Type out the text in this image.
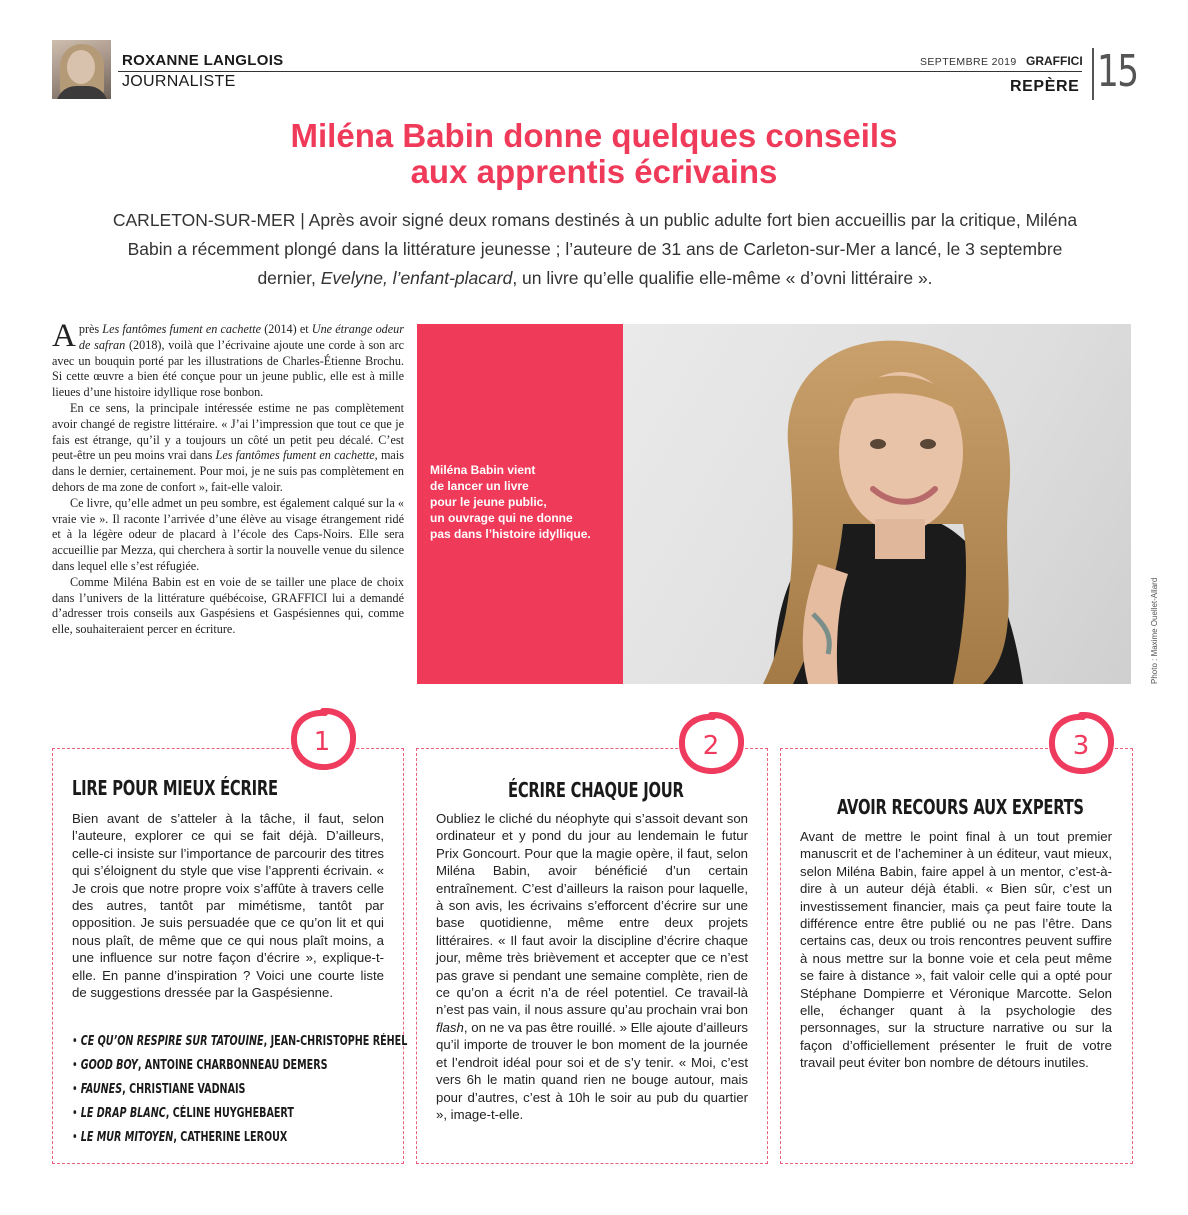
ROXANNE LANGLOIS
JOURNALISTE
SEPTEMBRE 2019 GRAFFICI
REPÈRE 15
Miléna Babin donne quelques conseils
aux apprentis écrivains
CARLETON-SUR-MER | Après avoir signé deux romans destinés à un public adulte fort bien accueillis par la critique, Miléna Babin a récemment plongé dans la littérature jeunesse ; l’auteure de 31 ans de Carleton-sur-Mer a lancé, le 3 septembre dernier, Evelyne, l’enfant-placard, un livre qu’elle qualifie elle-même « d’ovni littéraire ».

Après Les fantômes fument en cachette (2014) et Une étrange odeur de safran (2018), voilà que l’écrivaine ajoute une corde à son arc avec un bouquin porté par les illustrations de Charles-Étienne Brochu. Si cette œuvre a bien été conçue pour un jeune public, elle est à mille lieues d’une histoire idyllique rose bonbon.

En ce sens, la principale intéressée estime ne pas complètement avoir changé de registre littéraire. « J’ai l’impression que tout ce que je fais est étrange, qu’il y a toujours un côté un petit peu décalé. C’est peut-être un peu moins vrai dans Les fantômes fument en cachette, mais dans le dernier, certainement. Pour moi, je ne suis pas complètement en dehors de ma zone de confort », fait-elle valoir.

Ce livre, qu’elle admet un peu sombre, est également calqué sur la « vraie vie ». Il raconte l’arrivée d’une élève au visage étrangement ridé et à la légère odeur de placard à l’école des Caps-Noirs. Elle sera accueillie par Mezza, qui cherchera à sortir la nouvelle venue du silence dans lequel elle s’est réfugiée.

Comme Miléna Babin est en voie de se tailler une place de choix dans l’univers de la littérature québécoise, GRAFFICI lui a demandé d’adresser trois conseils aux Gaspésiens et Gaspésiennes qui, comme elle, souhaiteraient percer en écriture.

Miléna Babin vient
de lancer un livre
pour le jeune public,
un ouvrage qui ne donne
pas dans l’histoire idyllique.
Photo : Maxime Ouellet-Allard
1	2	3
LIRE POUR MIEUX ÉCRIRE
Bien avant de s’atteler à la tâche, il faut, selon l’auteure, explorer ce qui se fait déjà. D’ailleurs, celle-ci insiste sur l’importance de parcourir des titres qui s’éloignent du style que vise l’apprenti écrivain. « Je crois que notre propre voix s’affûte à travers celle des autres, tantôt par mimétisme, tantôt par opposition. Je suis persuadée que ce qu’on lit et qui nous plaît, de même que ce qui nous plaît moins, a une influence sur notre façon d’écrire », explique-t-elle. En panne d’inspiration ? Voici une courte liste de suggestions dressée par la Gaspésienne.
• CE QU’ON RESPIRE SUR TATOUINE, JEAN-CHRISTOPHE RÉHEL
• GOOD BOY, ANTOINE CHARBONNEAU DEMERS
• FAUNES, CHRISTIANE VADNAIS
• LE DRAP BLANC, CÉLINE HUYGHEBAERT
• LE MUR MITOYEN, CATHERINE LEROUX
ÉCRIRE CHAQUE JOUR
Oubliez le cliché du néophyte qui s’assoit devant son ordinateur et y pond du jour au lendemain le futur Prix Goncourt. Pour que la magie opère, il faut, selon Miléna Babin, avoir bénéficié d’un certain entraînement. C’est d’ailleurs la raison pour laquelle, à son avis, les écrivains s’efforcent d’écrire sur une base quotidienne, même entre deux projets littéraires. « Il faut avoir la discipline d’écrire chaque jour, même très brièvement et accepter que ce n’est pas grave si pendant une semaine complète, rien de ce qu’on a écrit n’a de réel potentiel. Ce travail-là n’est pas vain, il nous assure qu’au prochain vrai bon flash, on ne va pas être rouillé. » Elle ajoute d’ailleurs qu’il importe de trouver le bon moment de la journée et l’endroit idéal pour soi et de s’y tenir. « Moi, c’est vers 6h le matin quand rien ne bouge autour, mais pour d’autres, c’est à 10h le soir au pub du quartier », image-t-elle.
AVOIR RECOURS AUX EXPERTS
Avant de mettre le point final à un tout premier manuscrit et de l’acheminer à un éditeur, vaut mieux, selon Miléna Babin, faire appel à un mentor, c’est-à-dire à un auteur déjà établi. « Bien sûr, c’est un investissement financier, mais ça peut faire toute la différence entre être publié ou ne pas l’être. Dans certains cas, deux ou trois rencontres peuvent suffire à nous mettre sur la bonne voie et cela peut même se faire à distance », fait valoir celle qui a opté pour Stéphane Dompierre et Véronique Marcotte. Selon elle, échanger quant à la psychologie des personnages, sur la structure narrative ou sur la façon d’officiellement présenter le fruit de votre travail peut éviter bon nombre de détours inutiles.
